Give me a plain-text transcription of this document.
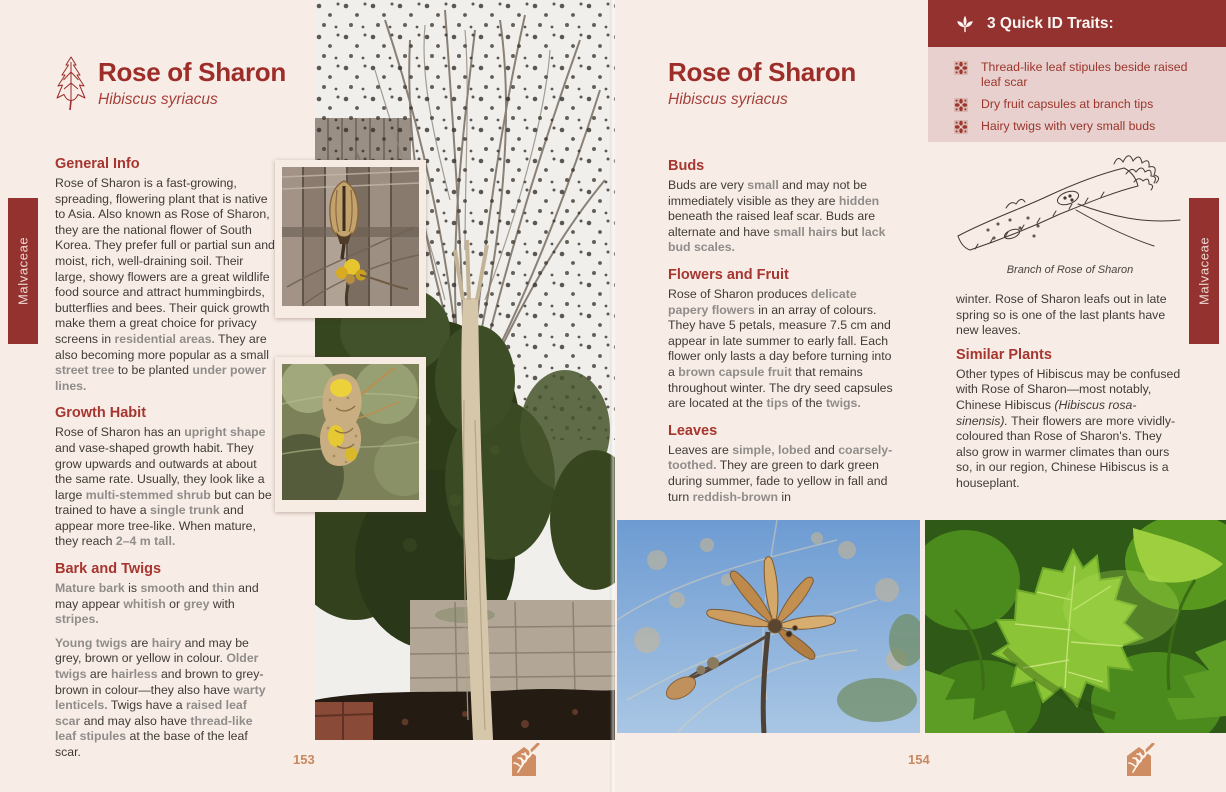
Malvaceae
Rose of Sharon
Hibiscus syriacus
General Info

Rose of Sharon is a fast-growing, spreading, flowering plant that is native to Asia. Also known as Rose of Sharon, they are the national flower of South Korea. They prefer full or partial sun and moist, rich, well-draining soil. Their large, showy flowers are a great wildlife food source and attract hummingbirds, butterflies and bees. Their quick growth make them a great choice for privacy screens in residential areas. They are also becoming more popular as a small street tree to be planted under power lines.

Growth Habit

Rose of Sharon has an upright shape and vase-shaped growth habit. They grow upwards and outwards at about the same rate. Usually, they look like a large multi-stemmed shrub but can be trained to have a single trunk and appear more tree-like. When mature, they reach 2–4 m tall.

Bark and Twigs

Mature bark is smooth and thin and may appear whitish or grey with stripes.

Young twigs are hairy and may be grey, brown or yellow in colour. Older twigs are hairless and brown to grey-brown in colour—they also have warty lenticels. Twigs have a raised leaf scar and may also have thread-like leaf stipules at the base of the leaf scar.	153
Malvaceae
Rose of Sharon
Hibiscus syriacus
Buds

Buds are very small and may not be immediately visible as they are hidden beneath the raised leaf scar. Buds are alternate and have small hairs but lack bud scales.

Flowers and Fruit

Rose of Sharon produces delicate papery flowers in an array of colours. They have 5 petals, measure 7.5 cm and appear in late summer to early fall. Each flower only lasts a day before turning into a brown capsule fruit that remains throughout winter. The dry seed capsules are located at the tips of the twigs.

Leaves

Leaves are simple, lobed and coarsely-toothed. They are green to dark green during summer, fade to yellow in fall and turn reddish-brown in

winter. Rose of Sharon leafs out in late spring so is one of the last plants have new leaves.

Similar Plants

Other types of Hibiscus may be confused with Rose of Sharon—most notably, Chinese Hibiscus (Hibiscus rosa-sinensis). Their flowers are more vividly-coloured than Rose of Sharon's. They also grow in warmer climates than ours so, in our region, Chinese Hibiscus is a houseplant.

Branch of Rose of Sharon
3 Quick ID Traits:
Thread-like leaf stipules beside raised leaf scar
Dry fruit capsules at branch tips
Hairy twigs with very small buds
154
